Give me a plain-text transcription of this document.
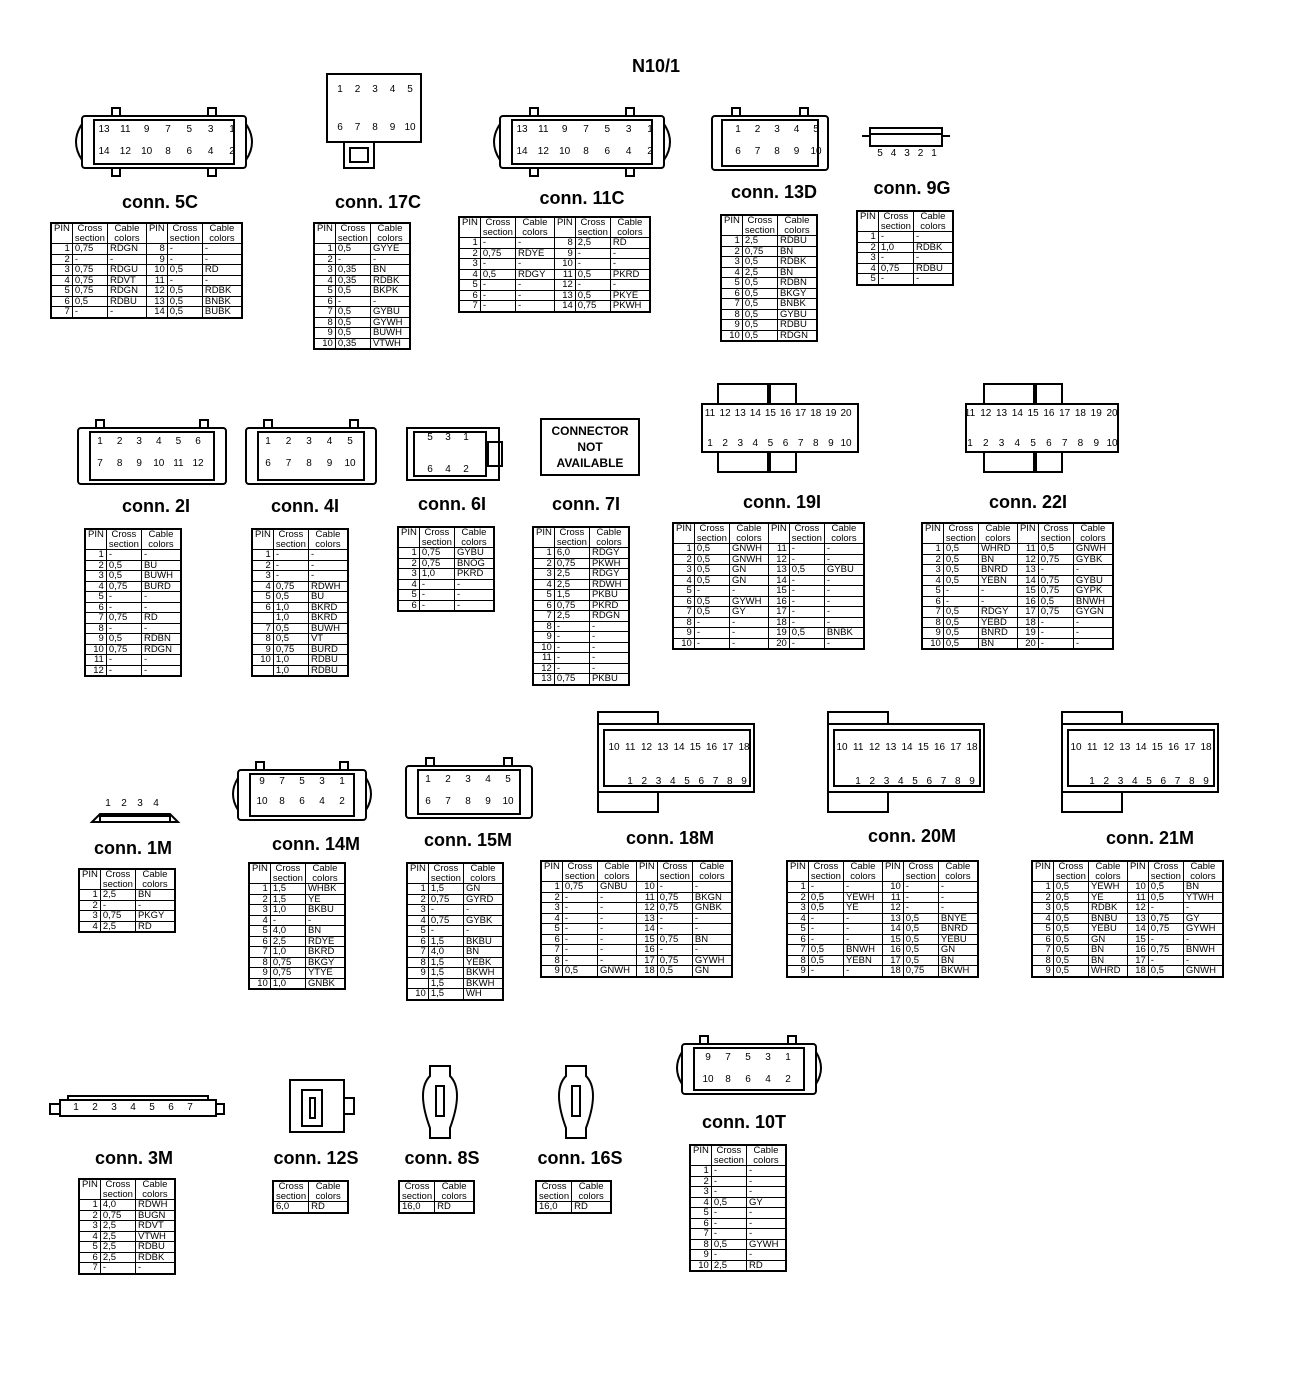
N10/1
13 11 9 7 5 3 1
14 12 10 8 6 4 2
1 2 3 4 5
6 7 8 9 10	13 11 9 7 5 3 1
14 12 10 8 6 4 2
1 2 3 4 5
6 7 8 9 10	5 4 3 2 1
1 2 3 4 5 6
7 8 9 10 11 12
1 2 3 4 5
6 7 8 9 10
5 3 1
6 4 2
11 12 13 14 15 16 17 18 19 20
1 2 3 4 5 6 7 8 9 10
11 12 13 14 15 16 17 18 19 20
1 2 3 4 5 6 7 8 9 10
1 2 3 4
9 7 5 3 1
10 8 6 4 2
1 2 3 4 5
6 7 8 9 10
10 11 12 13 14 15 16 17 18
1 2 3 4 5 6 7 8 9
10 11 12 13 14 15 16 17 18
1 2 3 4 5 6 7 8 9
10 11 12 13 14 15 16 17 18
1 2 3 4 5 6 7 8 9
1 2 3 4 5 6 7
9 7 5 3 1
10 8 6 4 2
CONNECTOR
NOT
AVAILABLE
conn. 5C
PIN	Cross section	Cable colors	PIN	Cross section	Cable colors
1	0,75	RDGN	8	-	-
2	-	-	9	-	-
3	0,75	RDGU	10	0,5	RD
4	0,75	RDVT	11	-	-
5	0,75	RDGN	12	0,5	RDBK
6	0,5	RDBU	13	0,5	BNBK
7	-	-	14	0,5	BUBK
conn. 17C
PIN	Cross section	Cable colors
1	0,5	GYYE
2	-	-
3	0,35	BN
4	0,35	RDBK
5	0,5	BKPK
6	-	-
7	0,5	GYBU
8	0,5	GYWH
9	0,5	BUWH
10	0,35	VTWH
conn. 11C
PIN	Cross section	Cable colors	PIN	Cross section	Cable colors
1	-	-	8	2,5	RD
2	0,75	RDYE	9	-	-
3	-	-	10	-	-
4	0,5	RDGY	11	0,5	PKRD
5	-	-	12	-	-
6	-	-	13	0,5	PKYE
7	-	-	14	0,75	PKWH
conn. 13D
PIN	Cross section	Cable colors
1	2,5	RDBU
2	0,75	BN
3	0,5	RDBK
4	2,5	BN
5	0,5	RDBN
6	0,5	BKGY
7	0,5	BNBK
8	0,5	GYBU
9	0,5	RDBU
10	0,5	RDGN
conn. 9G
PIN	Cross section	Cable colors
1	-	-
2	1,0	RDBK
3	-	-
4	0,75	RDBU
5	-	-
conn. 2I
PIN	Cross section	Cable colors
1	-	-
2	0,5	BU
3	0,5	BUWH
4	0,75	BURD
5	-	-
6	-	-
7	0,75	RD
8	-	-
9	0,5	RDBN
10	0,75	RDGN
11	-	-
12	-	-
conn. 4I
PIN	Cross section	Cable colors
1	-	-
2	-	-
3	-	-
4	0,75	RDWH
5	0,5	BU
6	1,0	BKRD
	1,0	BKRD
7	0,5	BUWH
8	0,5	VT
9	0,75	BURD
10	1,0	RDBU
	1,0	RDBU
conn. 6I
PIN	Cross section	Cable colors
1	0,75	GYBU
2	0,75	BNOG
3	1,0	PKRD
4	-	-
5	-	-
6	-	-
conn. 7I
PIN	Cross section	Cable colors
1	6,0	RDGY
2	0,75	PKWH
3	2,5	RDGY
4	2,5	RDWH
5	1,5	PKBU
6	0,75	PKRD
7	2,5	RDGN
8	-	-
9	-	-
10	-	-
11	-	-
12	-	-
13	0,75	PKBU
conn. 19I
PIN	Cross section	Cable colors	PIN	Cross section	Cable colors
1	0,5	GNWH	11	-	-
2	0,5	GNWH	12	-	-
3	0,5	GN	13	0,5	GYBU
4	0,5	GN	14	-	-
5	-	-	15	-	-
6	0,5	GYWH	16	-	-
7	0,5	GY	17	-	-
8	-	-	18	-	-
9	-	-	19	0,5	BNBK
10	-	-	20	-	-
conn. 22I
PIN	Cross section	Cable colors	PIN	Cross section	Cable colors
1	0,5	WHRD	11	0,5	GNWH
2	0,5	BN	12	0,75	GYBK
3	0,5	BNRD	13	-	-
4	0,5	YEBN	14	0,75	GYBU
5	-	-	15	0,75	GYPK
6	-	-	16	0,5	BNWH
7	0,5	RDGY	17	0,75	GYGN
8	0,5	YEBD	18	-	-
9	0,5	BNRD	19	-	-
10	0,5	BN	20	-	-
conn. 1M
PIN	Cross section	Cable colors
1	2,5	BN
2	-	-
3	0,75	PKGY
4	2,5	RD
conn. 14M
PIN	Cross section	Cable colors
1	1,5	WHBK
2	1,5	YE
3	1,0	BKBU
4	-	-
5	4,0	BN
6	2,5	RDYE
7	1,0	BKRD
8	0,75	BKGY
9	0,75	YTYE
10	1,0	GNBK
conn. 15M
PIN	Cross section	Cable colors
1	1,5	GN
2	0,75	GYRD
3	-	-
4	0,75	GYBK
5	-	-
6	1,5	BKBU
7	4,0	BN
8	1,5	YEBK
9	1,5	BKWH
	1,5	BKWH
10	1,5	WH
conn. 18M
PIN	Cross section	Cable colors	PIN	Cross section	Cable colors
1	0,75	GNBU	10	-	-
2	-	-	11	0,75	BKGN
3	-	-	12	0,75	GNBK
4	-	-	13	-	-
5	-	-	14	-	-
6	-	-	15	0,75	BN
7	-	-	16	-	-
8	-	-	17	0,75	GYWH
9	0,5	GNWH	18	0,5	GN
conn. 20M
PIN	Cross section	Cable colors	PIN	Cross section	Cable colors
1	-	-	10	-	-
2	0,5	YEWH	11	-	-
3	0,5	YE	12	-	-
4	-	-	13	0,5	BNYE
5	-	-	14	0,5	BNRD
6	-	-	15	0,5	YEBU
7	0,5	BNWH	16	0,5	GN
8	0,5	YEBN	17	0,5	BN
9	-	-	18	0,75	BKWH
conn. 21M
PIN	Cross section	Cable colors	PIN	Cross section	Cable colors
1	0,5	YEWH	10	0,5	BN
2	0,5	YE	11	0,5	YTWH
3	0,5	RDBK	12	-	-
4	0,5	BNBU	13	0,75	GY
5	0,5	YEBU	14	0,75	GYWH
6	0,5	GN	15	-	-
7	0,5	BN	16	0,75	BNWH
8	0,5	BN	17	-	-
9	0,5	WHRD	18	0,5	GNWH
conn. 3M
PIN	Cross section	Cable colors
1	4,0	RDWH
2	0,75	BUGN
3	2,5	RDVT
4	2,5	VTWH
5	2,5	RDBU
6	2,5	RDBK
7	-	-
conn. 12S
Cross section	Cable colors
6,0	RD
conn. 8S
Cross section	Cable colors
16,0	RD
conn. 16S
Cross section	Cable colors
16,0	RD
conn. 10T
PIN	Cross section	Cable colors
1	-	-
2	-	-
3	-	-
4	0,5	GY
5	-	-
6	-	-
7	-	-
8	0,5	GYWH
9	-	-
10	2,5	RD
